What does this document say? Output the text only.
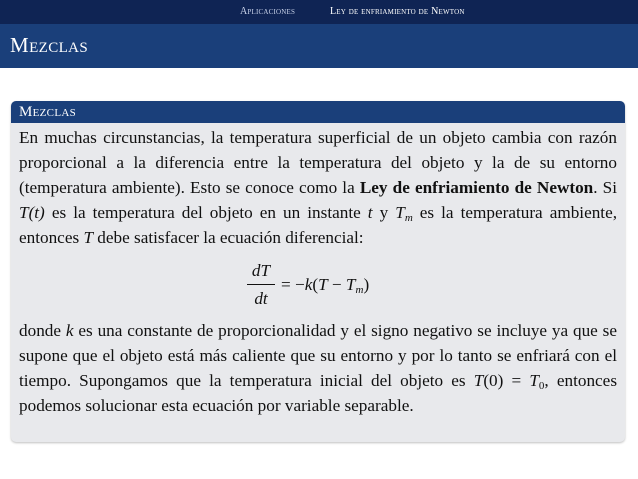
Aplicaciones	Ley de enfriamiento de Newton
Mezclas
Mezclas

En muchas circunstancias, la temperatura superficial de un objeto cambia con razón proporcional a la diferencia entre la temperatura del objeto y la de su entorno (temperatura ambiente). Esto se conoce como la Ley de enfriamiento de Newton. Si T(t) es la temperatura del objeto en un instante t y $T_m$ es la temperatura ambiente, entonces T debe satisfacer la ecuación diferencial:

dT
dt
= $-k(T - T_m)$

donde k es una constante de proporcionalidad y el signo negativo se incluye ya que se supone que el objeto está más caliente que su entorno y por lo tanto se enfriará con el tiempo. Supongamos que la temperatura inicial del objeto es $T(0) = T_0$, entonces podemos solucionar esta ecuación por variable separable.
